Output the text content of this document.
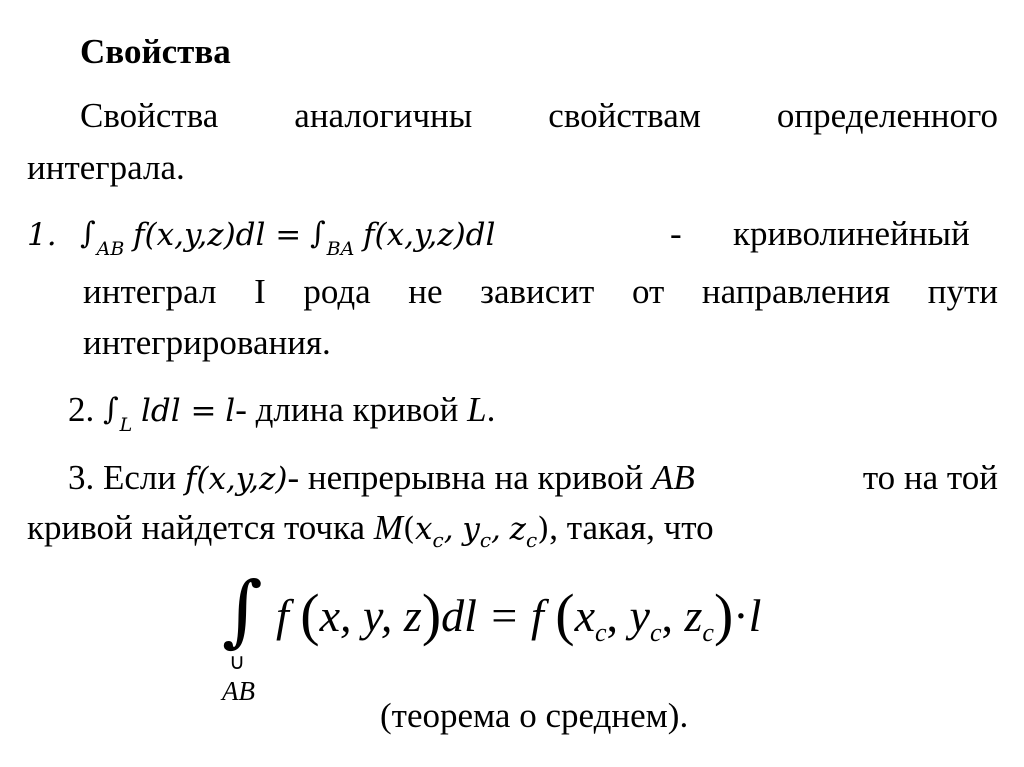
Свойства
Свойства аналогичны свойствам определенного
интеграла.
1. $\int_{AB}$ $f(x,y,z)dl = \int_{BA}$ f(x,y,z)dl	- криволинейный
интеграл I рода не зависит от направления пути
интегрирования.
2. $\int_L$ ldl = l- длина кривой L.
3. Если f(x,y,z)- непрерывна на кривой AB	то на той
кривой найдется точка $M(x_c$, $y_c$, $z_c$), такая, что
∫
∪
AB
f (x, y, z)dl = f ($x_c$, $y_c$, $z_c)\cdot l$
(теорема о среднем).
